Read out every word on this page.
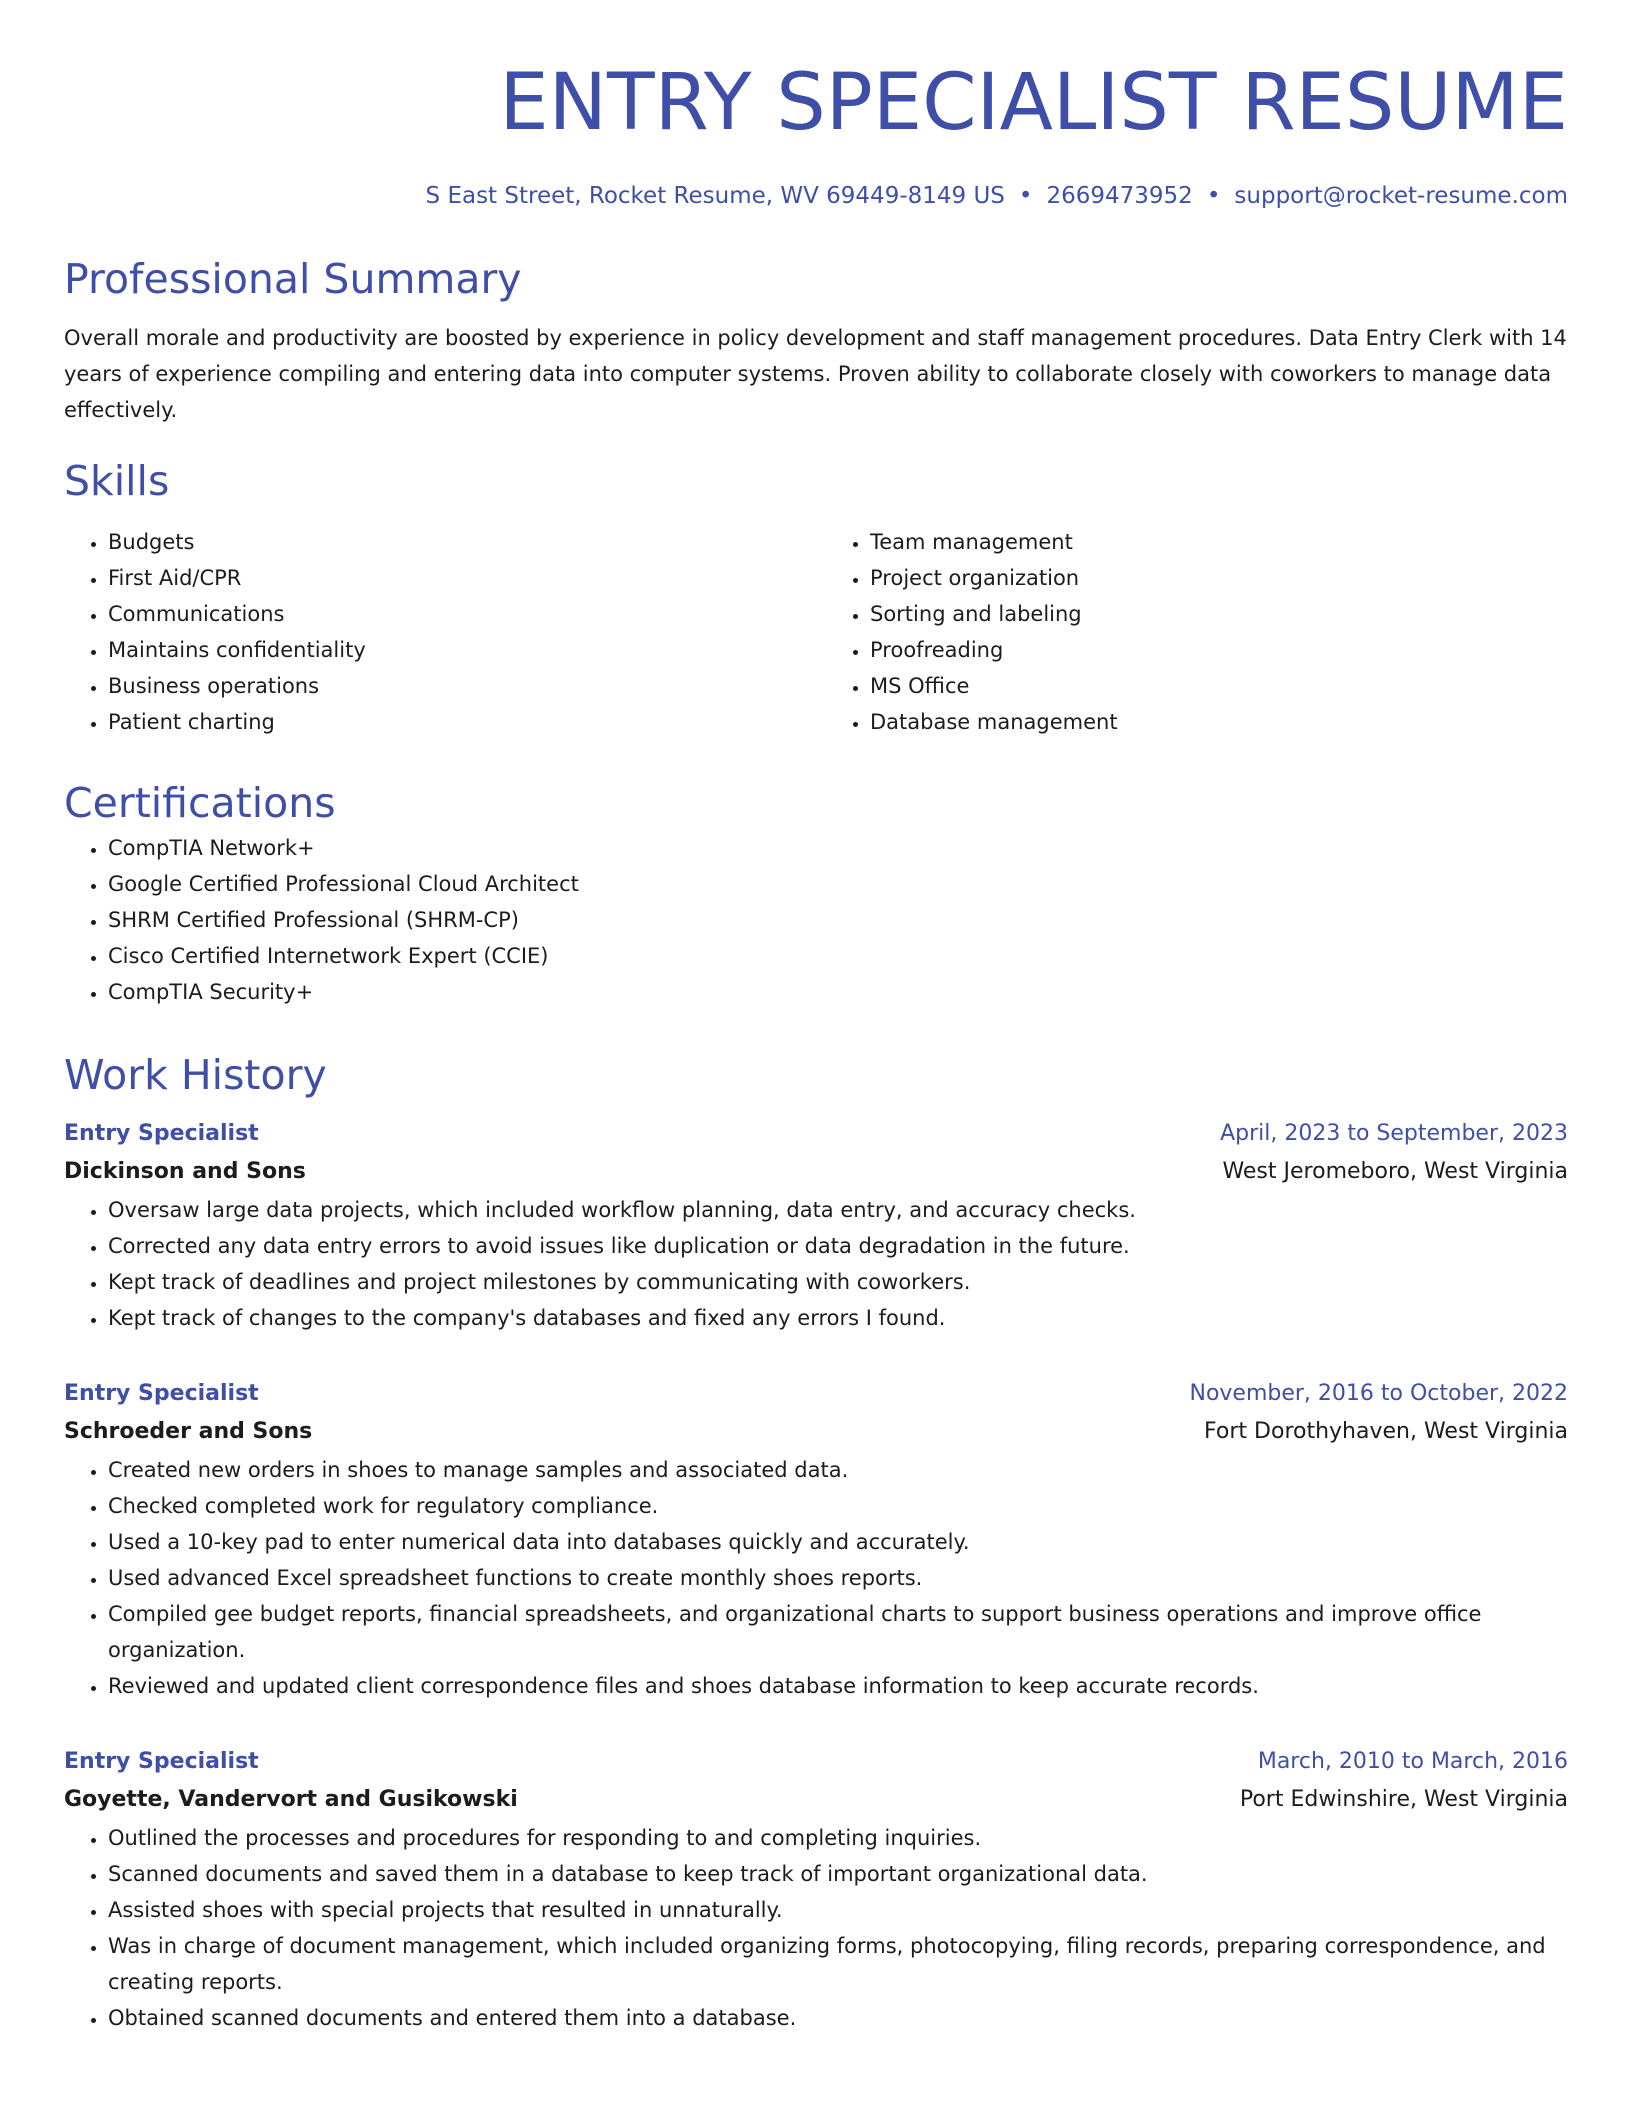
ENTRY SPECIALIST RESUME
S East Street, Rocket Resume, WV 69449-8149 US • 2669473952 • support@rocket-resume.com
Professional Summary

Overall morale and productivity are boosted by experience in policy development and staff management procedures. Data Entry Clerk with 14 years of experience compiling and entering data into computer systems. Proven ability to collaborate closely with coworkers to manage data effectively.

Skills
• Budgets
• First Aid/CPR
• Communications
• Maintains confidentiality
• Business operations
• Patient charting
• Team management
• Project organization
• Sorting and labeling
• Proofreading
• MS Office
• Database management
Certifications
• CompTIA Network+
• Google Certified Professional Cloud Architect
• SHRM Certified Professional (SHRM-CP)
• Cisco Certified Internetwork Expert (CCIE)
• CompTIA Security+
Work History
Entry Specialist	April, 2023 to September, 2023
Dickinson and Sons	West Jeromeboro, West Virginia
• Oversaw large data projects, which included workflow planning, data entry, and accuracy checks.
• Corrected any data entry errors to avoid issues like duplication or data degradation in the future.
• Kept track of deadlines and project milestones by communicating with coworkers.
• Kept track of changes to the company's databases and fixed any errors I found.
Entry Specialist	November, 2016 to October, 2022
Schroeder and Sons	Fort Dorothyhaven, West Virginia
• Created new orders in shoes to manage samples and associated data.
• Checked completed work for regulatory compliance.
• Used a 10-key pad to enter numerical data into databases quickly and accurately.
• Used advanced Excel spreadsheet functions to create monthly shoes reports.
• Compiled gee budget reports, financial spreadsheets, and organizational charts to support business operations and improve office organization.
• Reviewed and updated client correspondence files and shoes database information to keep accurate records.
Entry Specialist	March, 2010 to March, 2016
Goyette, Vandervort and Gusikowski	Port Edwinshire, West Virginia
• Outlined the processes and procedures for responding to and completing inquiries.
• Scanned documents and saved them in a database to keep track of important organizational data.
• Assisted shoes with special projects that resulted in unnaturally.
• Was in charge of document management, which included organizing forms, photocopying, filing records, preparing correspondence, and creating reports.
• Obtained scanned documents and entered them into a database.
